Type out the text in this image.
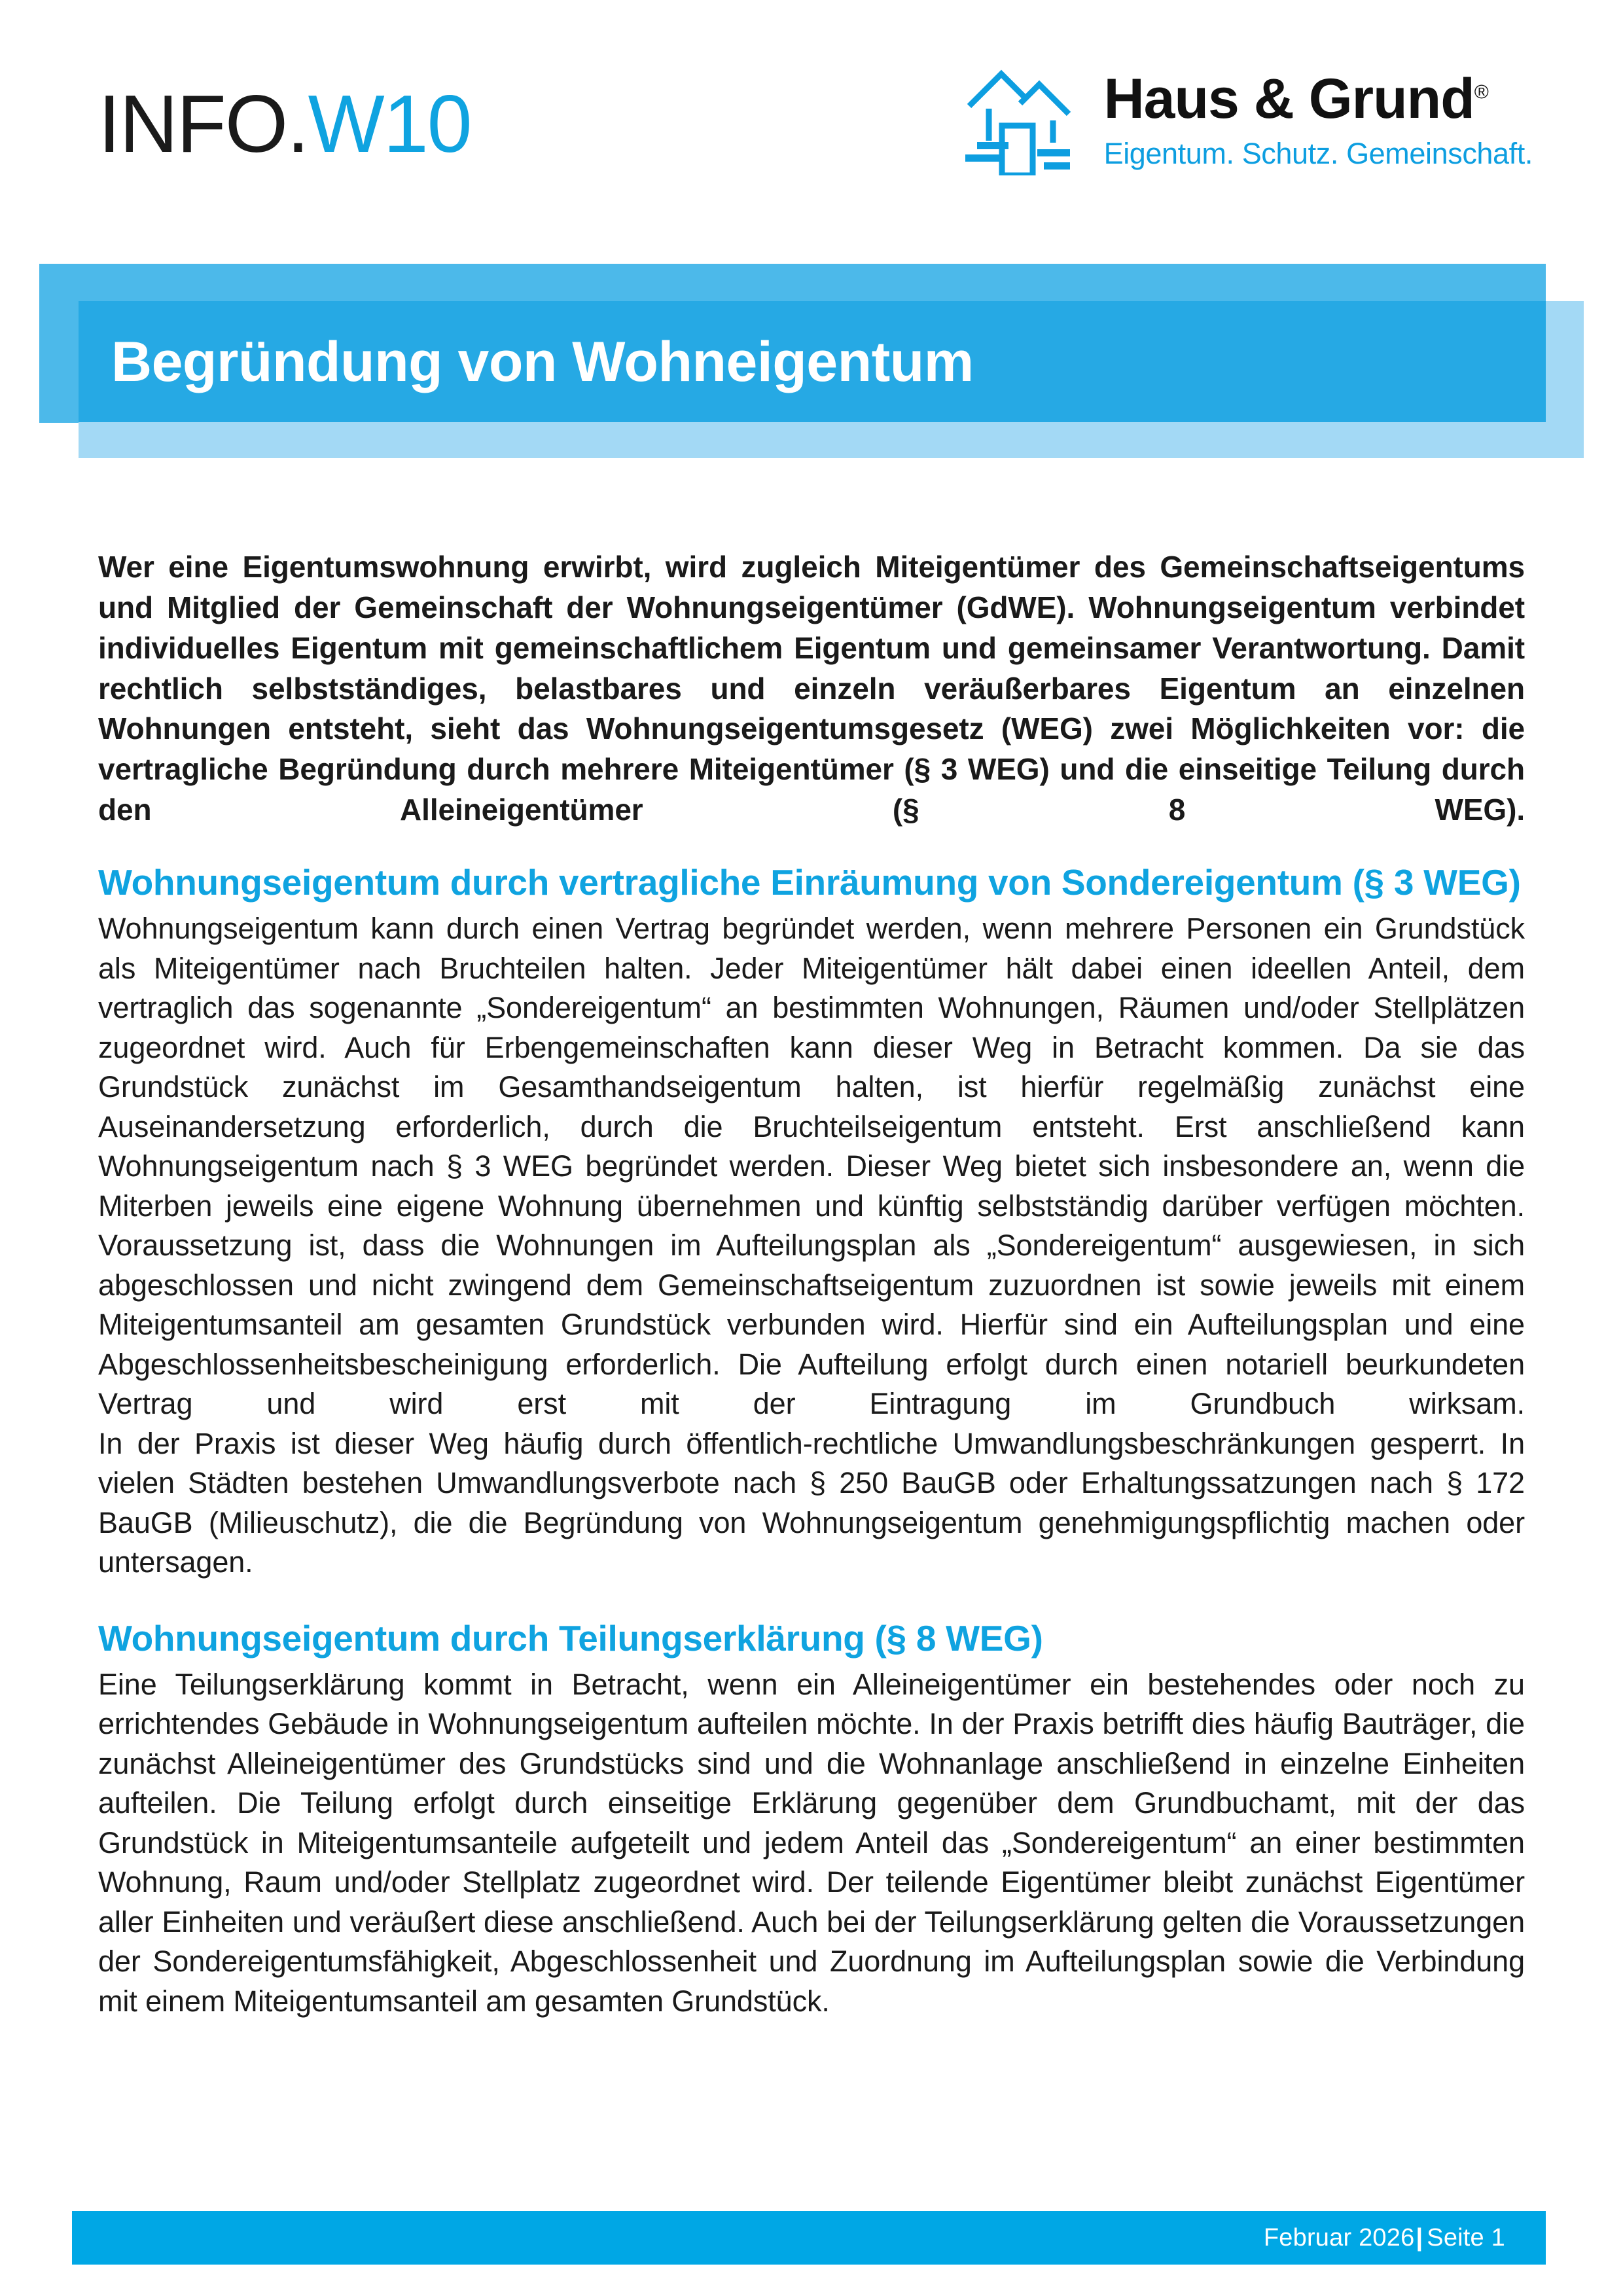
INFO.W10	Haus & Grund®
Eigentum. Schutz. Gemeinschaft.
Begründung von Wohneigentum

Wer eine Eigentumswohnung erwirbt, wird zugleich Miteigentümer des Gemeinschaftseigentums und Mitglied der Gemeinschaft der Wohnungseigentümer (GdWE). Wohnungseigentum verbindet individuelles Eigentum mit gemeinschaftlichem Eigentum und gemeinsamer Verantwortung. Damit rechtlich selbstständiges, belastbares und einzeln veräußerbares Eigentum an einzelnen Wohnungen entsteht, sieht das Wohnungseigentumsgesetz (WEG) zwei Möglichkeiten vor: die vertragliche Begründung durch mehrere Miteigentümer (§ 3 WEG) und die einseitige Teilung durch den Alleineigentümer (§ 8 WEG).

Wohnungseigentum durch vertragliche Einräumung von Sondereigentum (§ 3 WEG)

Wohnungseigentum kann durch einen Vertrag begründet werden, wenn mehrere Personen ein Grundstück als Miteigentümer nach Bruchteilen halten. Jeder Miteigentümer hält dabei einen ideellen Anteil, dem vertraglich das sogenannte „Sondereigentum“ an bestimmten Wohnungen, Räumen und/oder Stellplätzen zugeordnet wird. Auch für Erbengemeinschaften kann dieser Weg in Betracht kommen. Da sie das Grundstück zunächst im Gesamthandseigentum halten, ist hierfür regelmäßig zunächst eine Auseinandersetzung erforderlich, durch die Bruchteilseigentum entsteht. Erst anschließend kann Wohnungseigentum nach § 3 WEG begründet werden. Dieser Weg bietet sich insbesondere an, wenn die Miterben jeweils eine eigene Wohnung übernehmen und künftig selbstständig darüber verfügen möchten. Voraussetzung ist, dass die Wohnungen im Aufteilungsplan als „Sondereigentum“ ausgewiesen, in sich abgeschlossen und nicht zwingend dem Gemeinschaftseigentum zuzuordnen ist sowie jeweils mit einem Miteigentumsanteil am gesamten Grundstück verbunden wird. Hierfür sind ein Aufteilungsplan und eine Abgeschlossenheitsbescheinigung erforderlich. Die Aufteilung erfolgt durch einen notariell beurkundeten Vertrag und wird erst mit der Eintragung im Grundbuch wirksam.

In der Praxis ist dieser Weg häufig durch öffentlich-rechtliche Umwandlungsbeschränkungen gesperrt. In vielen Städten bestehen Umwandlungsverbote nach § 250 BauGB oder Erhaltungssatzungen nach § 172 BauGB (Milieuschutz), die die Begründung von Wohnungseigentum genehmigungspflichtig machen oder untersagen.

Wohnungseigentum durch Teilungserklärung (§ 8 WEG)

Eine Teilungserklärung kommt in Betracht, wenn ein Alleineigentümer ein bestehendes oder noch zu errichtendes Gebäude in Wohnungseigentum aufteilen möchte. In der Praxis betrifft dies häufig Bauträger, die zunächst Alleineigentümer des Grundstücks sind und die Wohnanlage anschließend in einzelne Einheiten aufteilen. Die Teilung erfolgt durch einseitige Erklärung gegenüber dem Grundbuchamt, mit der das Grundstück in Miteigentumsanteile aufgeteilt und jedem Anteil das „Sondereigentum“ an einer bestimmten Wohnung, Raum und/oder Stellplatz zugeordnet wird. Der teilende Eigentümer bleibt zunächst Eigentümer aller Einheiten und veräußert diese anschließend. Auch bei der Teilungserklärung gelten die Voraussetzungen der Sondereigentumsfähigkeit, Abgeschlossenheit und Zuordnung im Aufteilungsplan sowie die Verbindung mit einem Miteigentumsanteil am gesamten Grundstück.

Februar 2026| Seite 1
